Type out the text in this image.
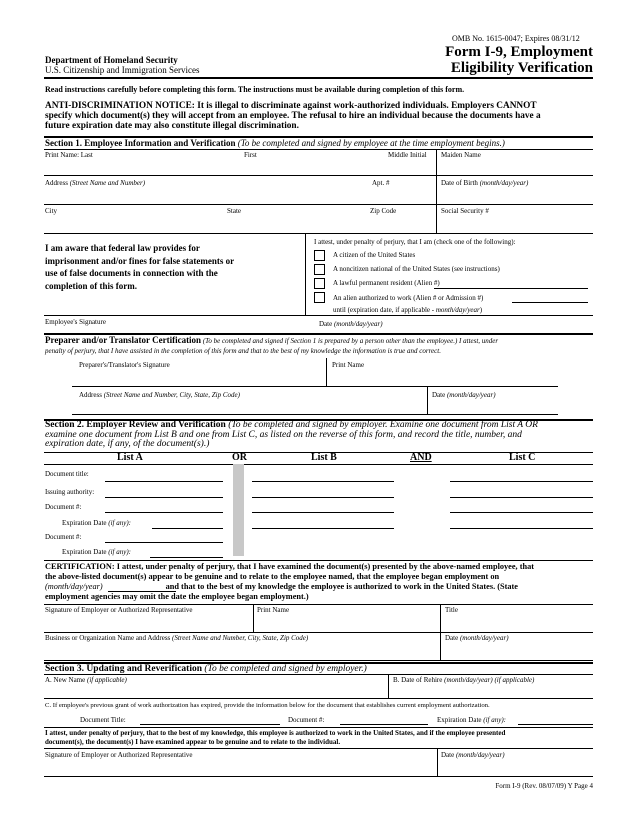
OMB No. 1615-0047; Expires 08/31/12
Form I-9, Employment
Eligibility Verification
Department of Homeland Security
U.S. Citizenship and Immigration Services
Read instructions carefully before completing this form. The instructions must be available during completion of this form.
ANTI-DISCRIMINATION NOTICE: It is illegal to discriminate against work-authorized individuals. Employers CANNOT
specify which document(s) they will accept from an employee. The refusal to hire an individual because the documents have a
future expiration date may also constitute illegal discrimination.
Section 1. Employee Information and Verification (To be completed and signed by employee at the time employment begins.)
Print Name: Last	First	Middle Initial Maiden Name
Address (Street Name and Number)	Apt. #	Date of Birth (month/day/year)
City	State	Zip Code	Social Security #
I am aware that federal law provides for
imprisonment and/or fines for false statements or
use of false documents in connection with the
completion of this form.
I attest, under penalty of perjury, that I am (check one of the following):
A citizen of the United States
A noncitizen national of the United States (see instructions)
A lawful permanent resident (Alien #)
An alien authorized to work (Alien # or Admission #)
until (expiration date, if applicable - month/day/year)
Employee's Signature	Date (month/day/year)
Preparer and/or Translator Certification (To be completed and signed if Section 1 is prepared by a person other than the employee.) I attest, under
penalty of perjury, that I have assisted in the completion of this form and that to the best of my knowledge the information is true and correct.
Preparer's/Translator's Signature	Print Name
Address (Street Name and Number, City, State, Zip Code)	Date (month/day/year)
Section 2. Employer Review and Verification (To be completed and signed by employer. Examine one document from List A OR
examine one document from List B and one from List C, as listed on the reverse of this form, and record the title, number, and
expiration date, if any, of the document(s).)
List A	OR	List B	AND	List C
Document title:
Issuing authority:
Document #:
Expiration Date (if any):
Document #:
Expiration Date (if any):
CERTIFICATION: I attest, under penalty of perjury, that I have examined the document(s) presented by the above-named employee, that
the above-listed document(s) appear to be genuine and to relate to the employee named, that the employee began employment on
(month/day/year)	and that to the best of my knowledge the employee is authorized to work in the United States. (State
employment agencies may omit the date the employee began employment.)
Signature of Employer or Authorized Representative	Print Name	Title
Business or Organization Name and Address (Street Name and Number, City, State, Zip Code)	Date (month/day/year)
Section 3. Updating and Reverification (To be completed and signed by employer.)
A. New Name (if applicable)	B. Date of Rehire (month/day/year) (if applicable)
C. If employee's previous grant of work authorization has expired, provide the information below for the document that establishes current employment authorization.
Document Title:	Document #:	Expiration Date (if any):
I attest, under penalty of perjury, that to the best of my knowledge, this employee is authorized to work in the United States, and if the employee presented
document(s), the document(s) I have examined appear to be genuine and to relate to the individual.
Signature of Employer or Authorized Representative	Date (month/day/year)
Form I-9 (Rev. 08/07/09) Y Page 4
